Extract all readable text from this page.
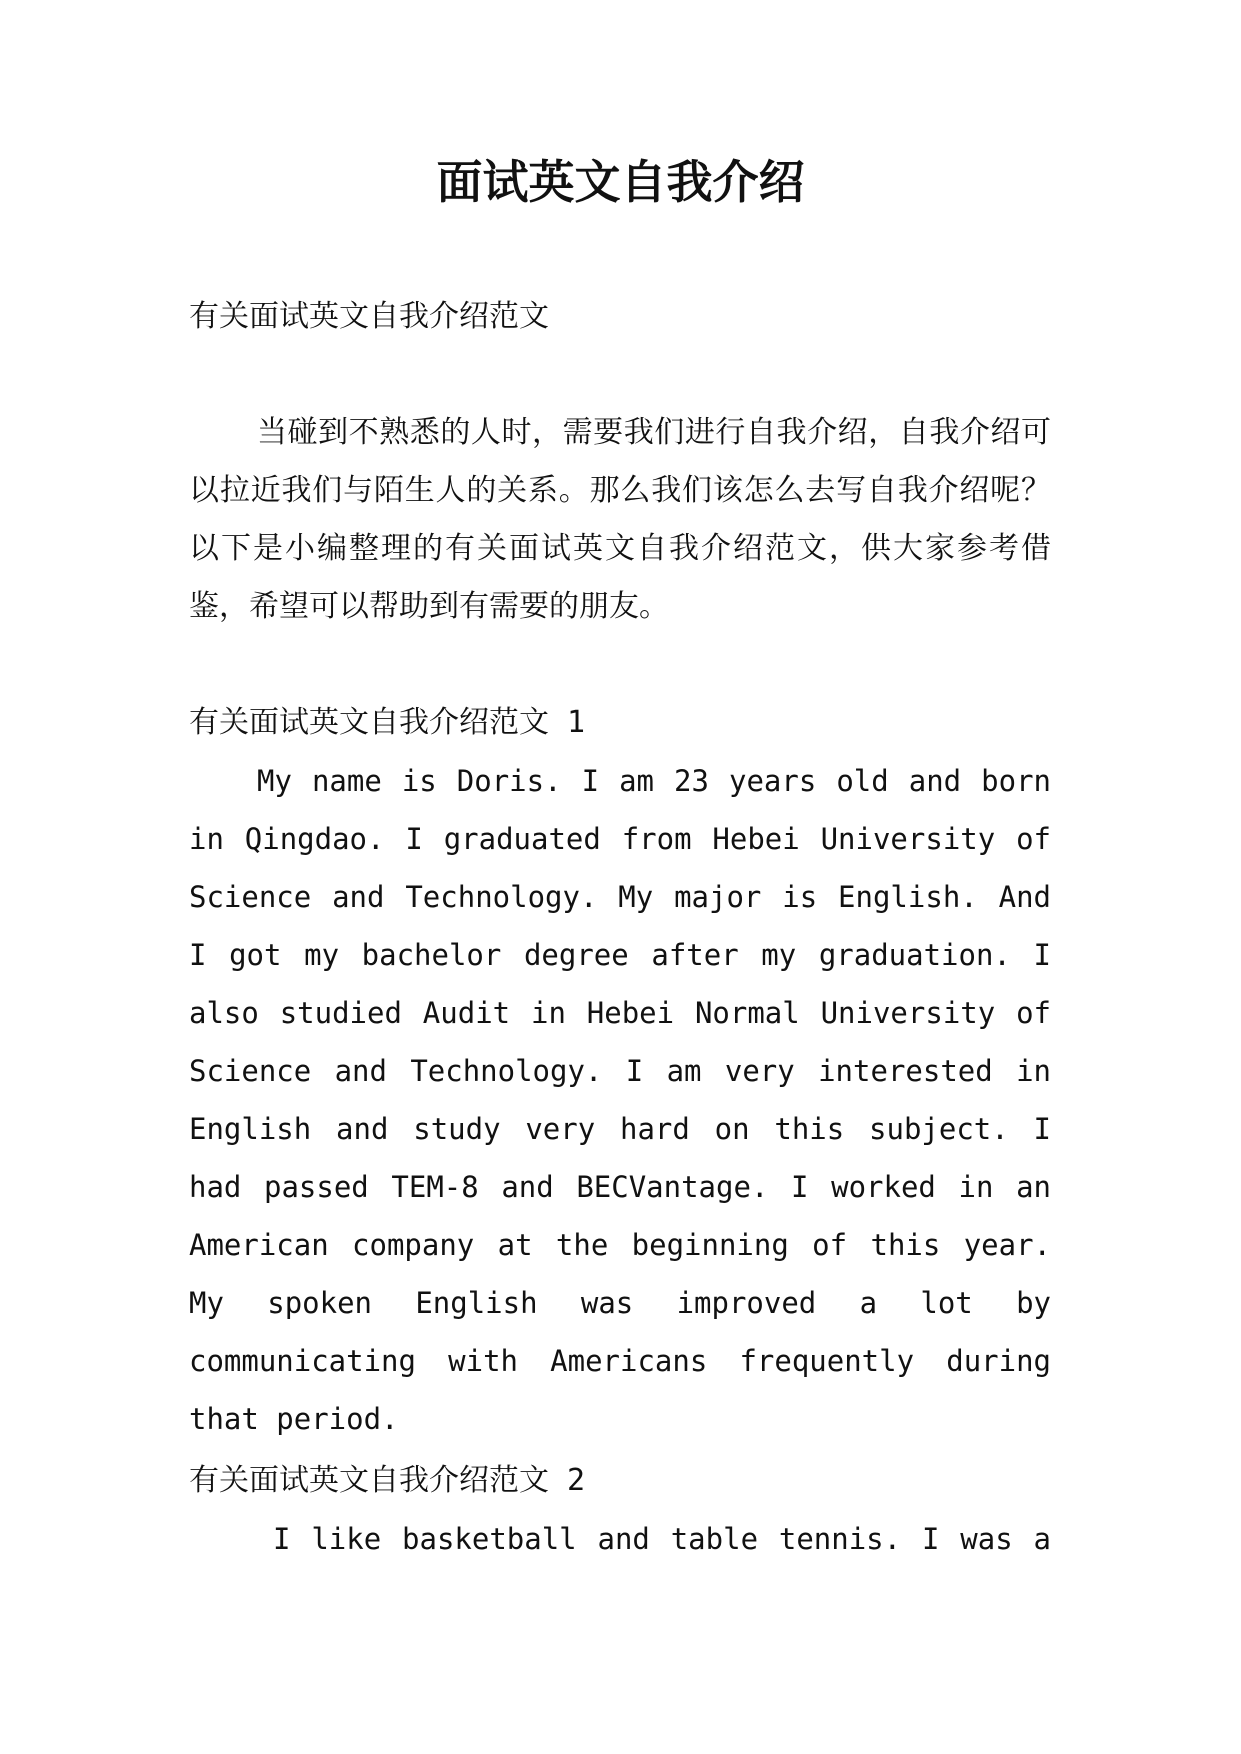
面试英文自我介绍

有关面试英文自我介绍范文

当碰到不熟悉的人时，需要我们进行自我介绍，自我介绍可以拉近我们与陌生人的关系。那么我们该怎么去写自我介绍呢？以下是小编整理的有关面试英文自我介绍范文，供大家参考借鉴，希望可以帮助到有需要的朋友。

有关面试英文自我介绍范文 1

My name is Doris. I am 23 years old and born in Qingdao. I graduated from Hebei University of Science and Technology. My major is English. And I got my bachelor degree after my graduation. I also studied Audit in Hebei Normal University of Science and Technology. I am very interested in English and study very hard on this subject. I had passed TEM-8 and BECVantage. I worked in an American company at the beginning of this year. My spoken English was improved a lot by communicating with Americans frequently during that period.

有关面试英文自我介绍范文 2

I like basketball and table tennis. I was a
